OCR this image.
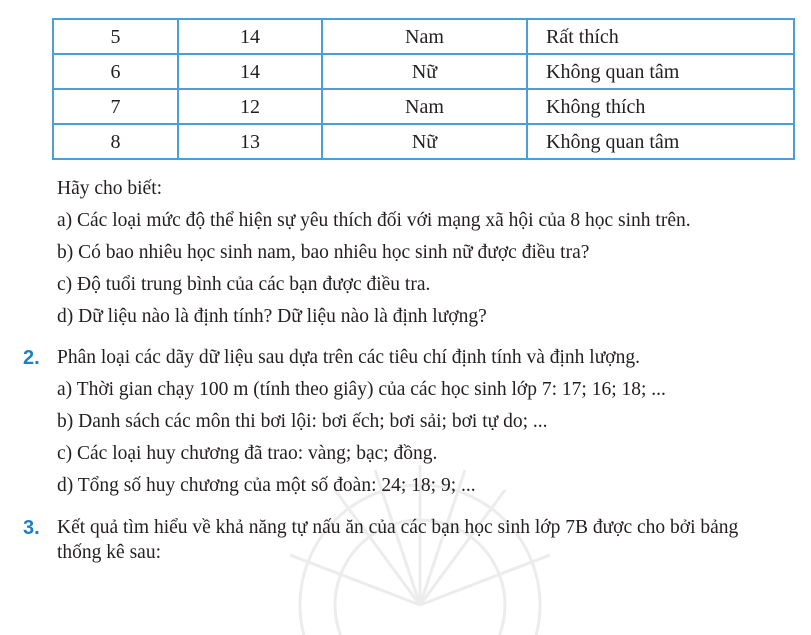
5	14	Nam	Rất thích
6	14	Nữ	Không quan tâm
7	12	Nam	Không thích
8	13	Nữ	Không quan tâm
Hãy cho biết:
a) Các loại mức độ thể hiện sự yêu thích đối với mạng xã hội của 8 học sinh trên.
b) Có bao nhiêu học sinh nam, bao nhiêu học sinh nữ được điều tra?
c) Độ tuổi trung bình của các bạn được điều tra.
d) Dữ liệu nào là định tính? Dữ liệu nào là định lượng?
2. Phân loại các dãy dữ liệu sau dựa trên các tiêu chí định tính và định lượng.
a) Thời gian chạy 100 m (tính theo giây) của các học sinh lớp 7: 17; 16; 18; ...
b) Danh sách các môn thi bơi lội: bơi ếch; bơi sải; bơi tự do; ...
c) Các loại huy chương đã trao: vàng; bạc; đồng.
d) Tổng số huy chương của một số đoàn: 24; 18; 9; ...
3. Kết quả tìm hiểu về khả năng tự nấu ăn của các bạn học sinh lớp 7B được cho bởi bảng
thống kê sau:
